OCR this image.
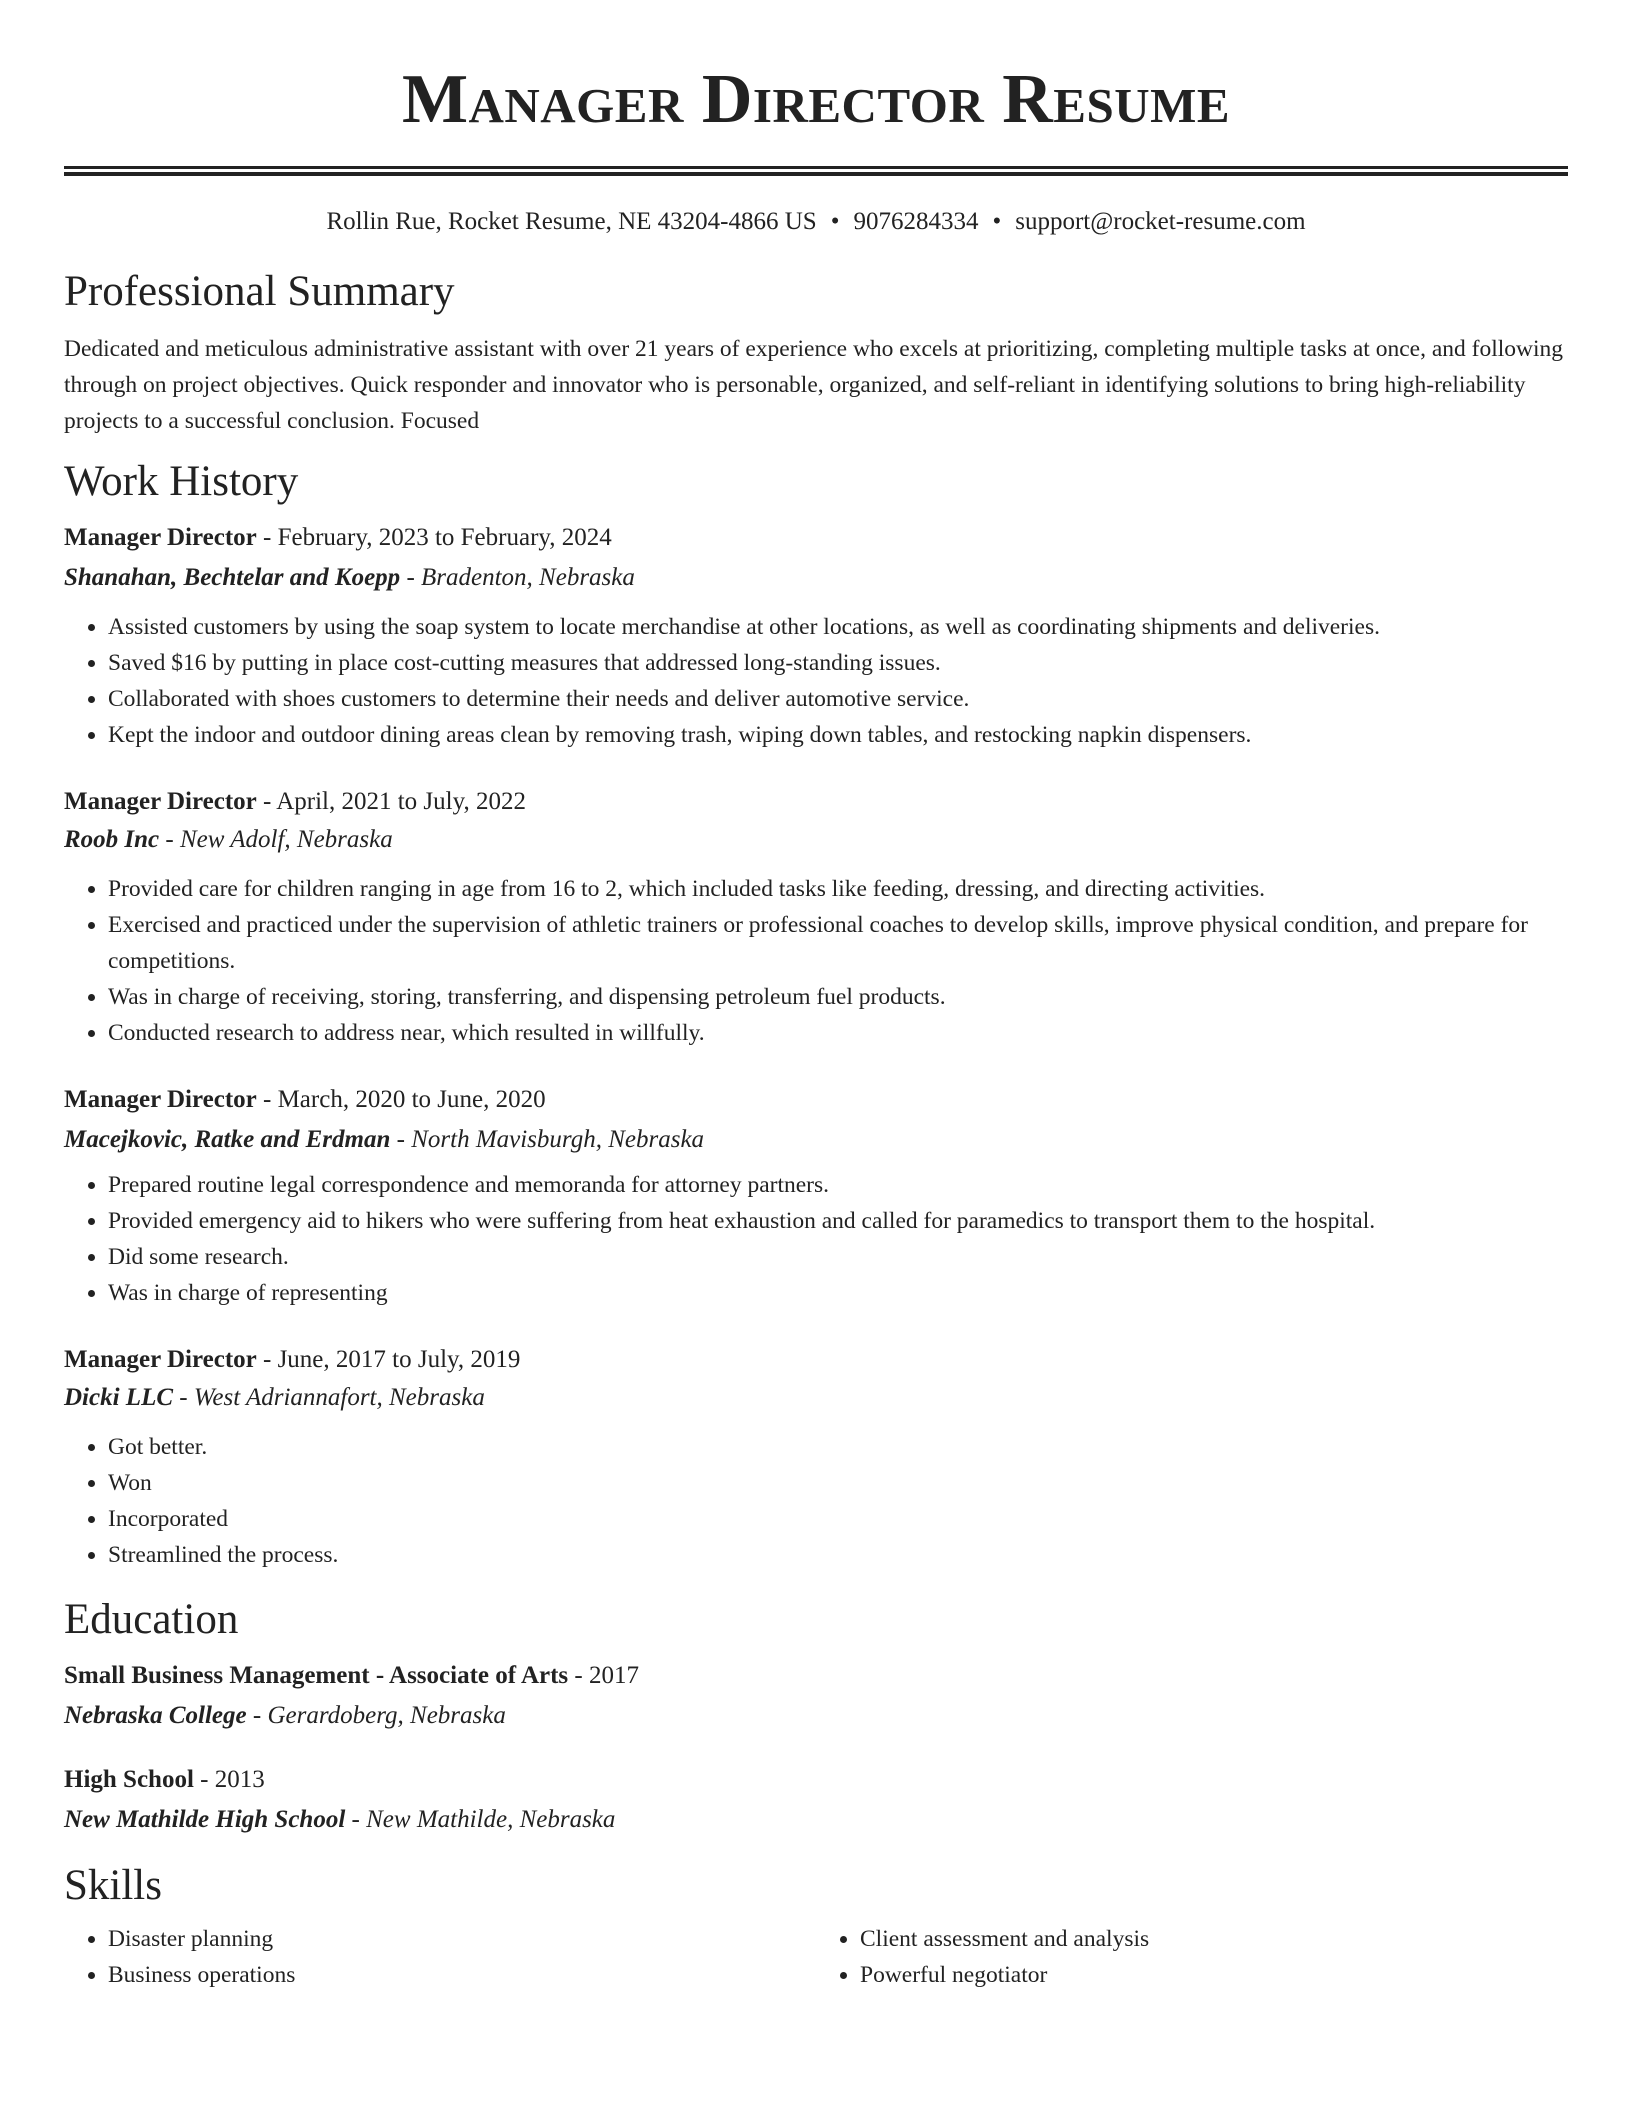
Manager Director Resume
Rollin Rue, Rocket Resume, NE 43204-4866 US • 9076284334 • support@rocket-resume.com
Professional Summary

Dedicated and meticulous administrative assistant with over 21 years of experience who excels at prioritizing, completing multiple tasks at once, and following through on project objectives. Quick responder and innovator who is personable, organized, and self-reliant in identifying solutions to bring high-reliability projects to a successful conclusion. Focused

Work History
Manager Director - February, 2023 to February, 2024
Shanahan, Bechtelar and Koepp - Bradenton, Nebraska
• Assisted customers by using the soap system to locate merchandise at other locations, as well as coordinating shipments and deliveries.
• Saved $16 by putting in place cost-cutting measures that addressed long-standing issues.
• Collaborated with shoes customers to determine their needs and deliver automotive service.
• Kept the indoor and outdoor dining areas clean by removing trash, wiping down tables, and restocking napkin dispensers.
Manager Director - April, 2021 to July, 2022
Roob Inc - New Adolf, Nebraska
• Provided care for children ranging in age from 16 to 2, which included tasks like feeding, dressing, and directing activities.
• Exercised and practiced under the supervision of athletic trainers or professional coaches to develop skills, improve physical condition, and prepare for competitions.
• Was in charge of receiving, storing, transferring, and dispensing petroleum fuel products.
• Conducted research to address near, which resulted in willfully.
Manager Director - March, 2020 to June, 2020
Macejkovic, Ratke and Erdman - North Mavisburgh, Nebraska
• Prepared routine legal correspondence and memoranda for attorney partners.
• Provided emergency aid to hikers who were suffering from heat exhaustion and called for paramedics to transport them to the hospital.
• Did some research.
• Was in charge of representing
Manager Director - June, 2017 to July, 2019
Dicki LLC - West Adriannafort, Nebraska
• Got better.
• Won
• Incorporated
• Streamlined the process.
Education
Small Business Management - Associate of Arts - 2017
Nebraska College - Gerardoberg, Nebraska
High School - 2013
New Mathilde High School - New Mathilde, Nebraska
Skills
• Disaster planning
• Business operations
• Client assessment and analysis
• Powerful negotiator
